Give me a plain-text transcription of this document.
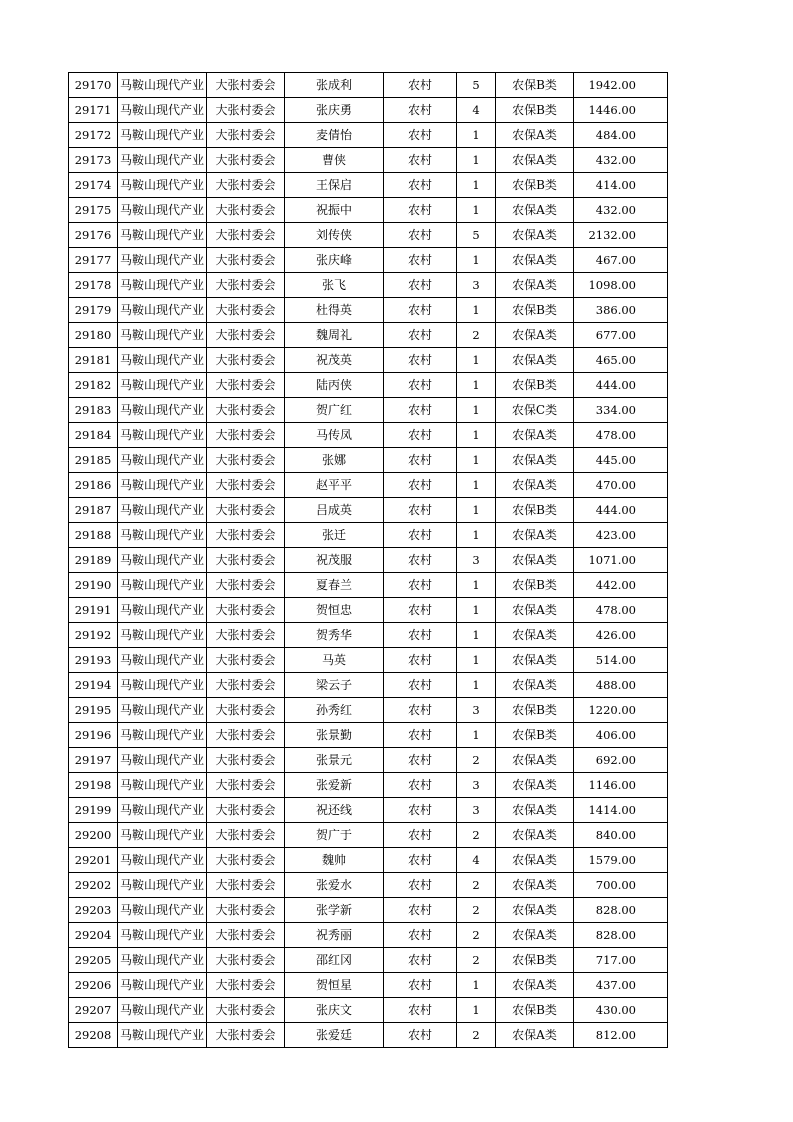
29170	马鞍山现代产业	大张村委会	张成利	农村	5	农保B类	1942.00
29171	马鞍山现代产业	大张村委会	张庆勇	农村	4	农保B类	1446.00
29172	马鞍山现代产业	大张村委会	麦倩怡	农村	1	农保A类	484.00
29173	马鞍山现代产业	大张村委会	曹侠	农村	1	农保A类	432.00
29174	马鞍山现代产业	大张村委会	王保启	农村	1	农保B类	414.00
29175	马鞍山现代产业	大张村委会	祝振中	农村	1	农保A类	432.00
29176	马鞍山现代产业	大张村委会	刘传侠	农村	5	农保A类	2132.00
29177	马鞍山现代产业	大张村委会	张庆峰	农村	1	农保A类	467.00
29178	马鞍山现代产业	大张村委会	张飞	农村	3	农保A类	1098.00
29179	马鞍山现代产业	大张村委会	杜得英	农村	1	农保B类	386.00
29180	马鞍山现代产业	大张村委会	魏周礼	农村	2	农保A类	677.00
29181	马鞍山现代产业	大张村委会	祝茂英	农村	1	农保A类	465.00
29182	马鞍山现代产业	大张村委会	陆丙侠	农村	1	农保B类	444.00
29183	马鞍山现代产业	大张村委会	贺广红	农村	1	农保C类	334.00
29184	马鞍山现代产业	大张村委会	马传凤	农村	1	农保A类	478.00
29185	马鞍山现代产业	大张村委会	张娜	农村	1	农保A类	445.00
29186	马鞍山现代产业	大张村委会	赵平平	农村	1	农保A类	470.00
29187	马鞍山现代产业	大张村委会	吕成英	农村	1	农保B类	444.00
29188	马鞍山现代产业	大张村委会	张迁	农村	1	农保A类	423.00
29189	马鞍山现代产业	大张村委会	祝茂服	农村	3	农保A类	1071.00
29190	马鞍山现代产业	大张村委会	夏春兰	农村	1	农保B类	442.00
29191	马鞍山现代产业	大张村委会	贺恒忠	农村	1	农保A类	478.00
29192	马鞍山现代产业	大张村委会	贺秀华	农村	1	农保A类	426.00
29193	马鞍山现代产业	大张村委会	马英	农村	1	农保A类	514.00
29194	马鞍山现代产业	大张村委会	梁云子	农村	1	农保A类	488.00
29195	马鞍山现代产业	大张村委会	孙秀红	农村	3	农保B类	1220.00
29196	马鞍山现代产业	大张村委会	张景勤	农村	1	农保B类	406.00
29197	马鞍山现代产业	大张村委会	张景元	农村	2	农保A类	692.00
29198	马鞍山现代产业	大张村委会	张爱新	农村	3	农保A类	1146.00
29199	马鞍山现代产业	大张村委会	祝还线	农村	3	农保A类	1414.00
29200	马鞍山现代产业	大张村委会	贺广于	农村	2	农保A类	840.00
29201	马鞍山现代产业	大张村委会	魏帅	农村	4	农保A类	1579.00
29202	马鞍山现代产业	大张村委会	张爱水	农村	2	农保A类	700.00
29203	马鞍山现代产业	大张村委会	张学新	农村	2	农保A类	828.00
29204	马鞍山现代产业	大张村委会	祝秀丽	农村	2	农保A类	828.00
29205	马鞍山现代产业	大张村委会	邵红冈	农村	2	农保B类	717.00
29206	马鞍山现代产业	大张村委会	贺恒星	农村	1	农保A类	437.00
29207	马鞍山现代产业	大张村委会	张庆文	农村	1	农保B类	430.00
29208	马鞍山现代产业	大张村委会	张爱廷	农村	2	农保A类	812.00
